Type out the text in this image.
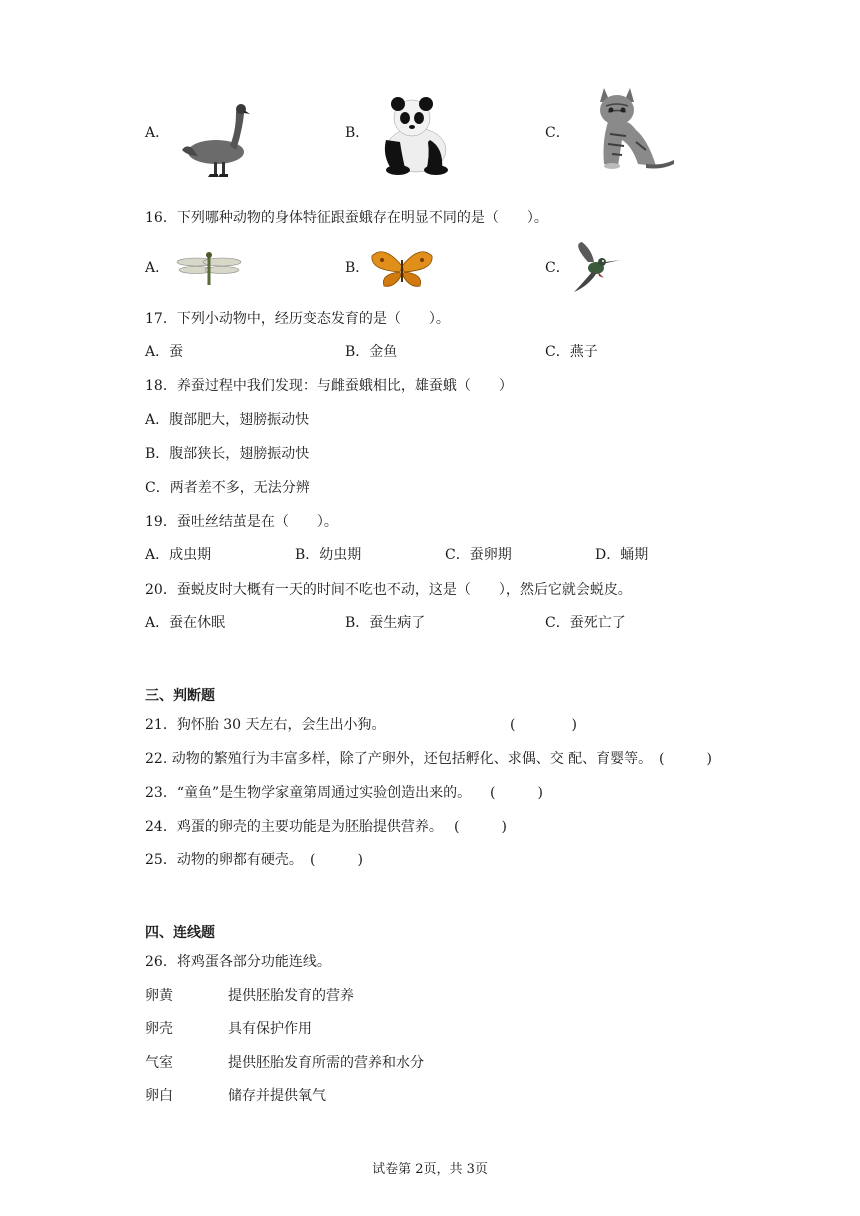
A．	B．	C．
16．下列哪种动物的身体特征跟蚕蛾存在明显不同的是（　　）。
A．	B．	C．
17．下列小动物中，经历变态发育的是（　　）。
A．蚕	B．金鱼	C．燕子
18．养蚕过程中我们发现：与雌蚕蛾相比，雄蚕蛾（　　）
A．腹部肥大，翅膀振动快
B．腹部狭长，翅膀振动快
C．两者差不多，无法分辨
19．蚕吐丝结茧是在（　　）。
A．成虫期	B．幼虫期	C．蚕卵期	D．蛹期
20．蚕蜕皮时大概有一天的时间不吃也不动，这是（　　），然后它就会蜕皮。
A．蚕在休眠	B．蚕生病了	C．蚕死亡了
三、判断题
21．狗怀胎 30 天左右，会生出小狗。	(　　　　)
22. 动物的繁殖行为丰富多样，除了产卵外，还包括孵化、求偶、交 配、育婴等。 (　　　)
23．“童鱼”是生物学家童第周通过实验创造出来的。 (　　　)
24．鸡蛋的卵壳的主要功能是为胚胎提供营养。 (　　　)
25．动物的卵都有硬壳。 (　　　)
四、连线题
26．将鸡蛋各部分功能连线。
卵黄	提供胚胎发育的营养
卵壳	具有保护作用
气室	提供胚胎发育所需的营养和水分
卵白	储存并提供氧气
试卷第 2页，共 3页
